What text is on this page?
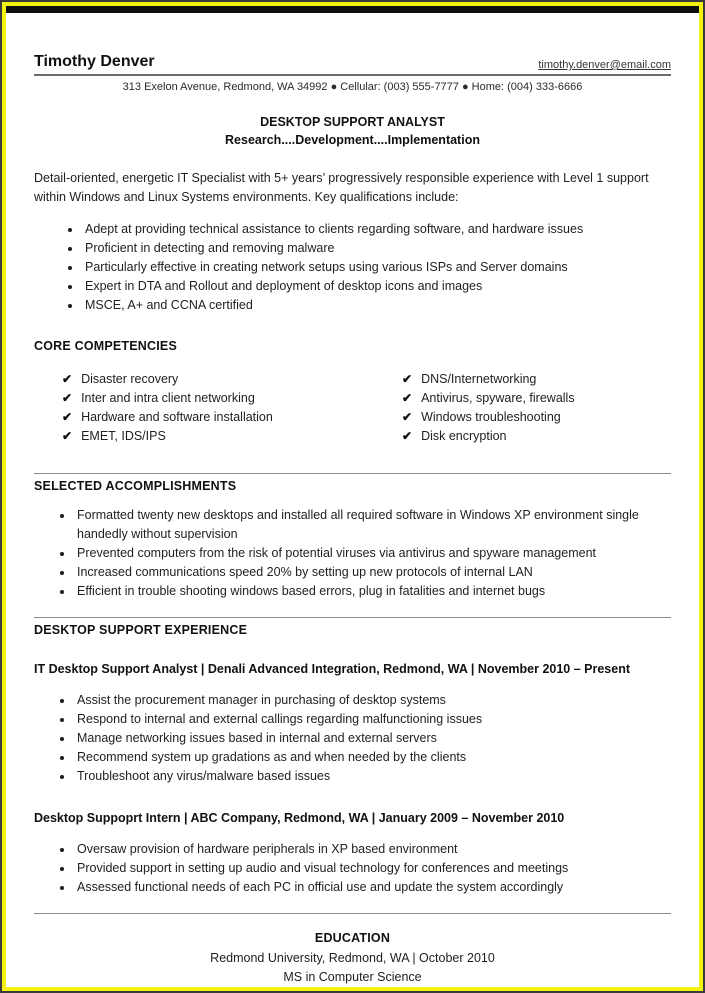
Timothy Denver	timothy.denver@email.com
313 Exelon Avenue, Redmond, WA 34992 ● Cellular: (003) 555-7777 ● Home: (004) 333-6666
DESKTOP SUPPORT ANALYST
Research....Development....Implementation

Detail-oriented, energetic IT Specialist with 5+ years’ progressively responsible experience with Level 1 support within Windows and Linux Systems environments. Key qualifications include:

• Adept at providing technical assistance to clients regarding software, and hardware issues
• Proficient in detecting and removing malware
• Particularly effective in creating network setups using various ISPs and Server domains
• Expert in DTA and Rollout and deployment of desktop icons and images
• MSCE, A+ and CCNA certified
CORE COMPETENCIES
✔ Disaster recovery
✔ Inter and intra client networking
✔ Hardware and software installation
✔ EMET, IDS/IPS
✔ DNS/Internetworking
✔ Antivirus, spyware, firewalls
✔ Windows troubleshooting
✔ Disk encryption
SELECTED ACCOMPLISHMENTS
• Formatted twenty new desktops and installed all required software in Windows XP environment single handedly without supervision
• Prevented computers from the risk of potential viruses via antivirus and spyware management
• Increased communications speed 20% by setting up new protocols of internal LAN
• Efficient in trouble shooting windows based errors, plug in fatalities and internet bugs
DESKTOP SUPPORT EXPERIENCE
IT Desktop Support Analyst | Denali Advanced Integration, Redmond, WA | November 2010 – Present
• Assist the procurement manager in purchasing of desktop systems
• Respond to internal and external callings regarding malfunctioning issues
• Manage networking issues based in internal and external servers
• Recommend system up gradations as and when needed by the clients
• Troubleshoot any virus/malware based issues
Desktop Suppoprt Intern | ABC Company, Redmond, WA | January 2009 – November 2010
• Oversaw provision of hardware peripherals in XP based environment
• Provided support in setting up audio and visual technology for conferences and meetings
• Assessed functional needs of each PC in official use and update the system accordingly
EDUCATION
Redmond University, Redmond, WA | October 2010
MS in Computer Science
